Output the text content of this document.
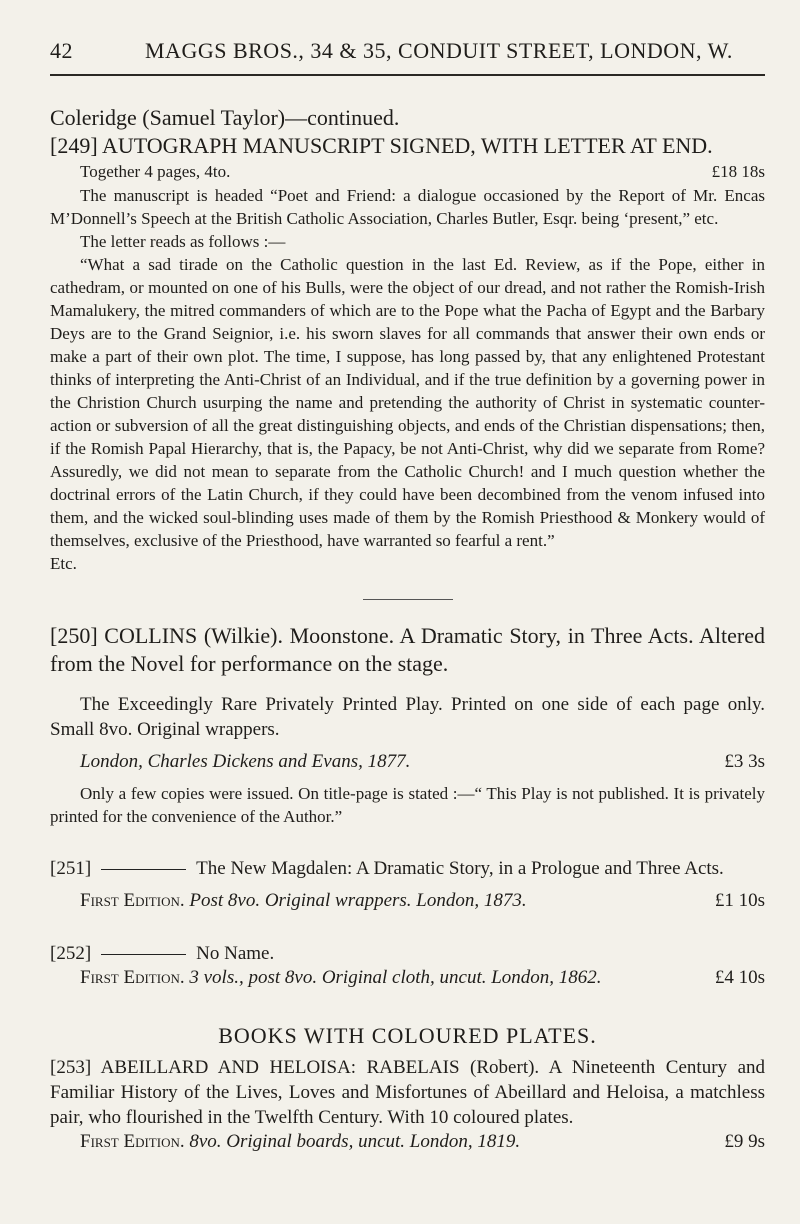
42	MAGGS BROS., 34 & 35, CONDUIT STREET, LONDON, W.

Coleridge (Samuel Taylor)—continued.

[249] AUTOGRAPH MANUSCRIPT SIGNED, WITH LETTER AT END.

Together 4 pages, 4to.	£18 18s

The manuscript is headed “Poet and Friend: a dialogue occasioned by the Report of Mr. Encas M’Donnell’s Speech at the British Catholic Association, Charles Butler, Esqr. being ‘present,” etc.

The letter reads as follows :—

“What a sad tirade on the Catholic question in the last Ed. Review, as if the Pope, either in cathedram, or mounted on one of his Bulls, were the object of our dread, and not rather the Romish-Irish Mamalukery, the mitred commanders of which are to the Pope what the Pacha of Egypt and the Barbary Deys are to the Grand Seignior, i.e. his sworn slaves for all commands that answer their own ends or make a part of their own plot. The time, I suppose, has long passed by, that any enlightened Protestant thinks of interpreting the Anti-Christ of an Individual, and if the true definition by a governing power in the Christion Church usurping the name and pretending the authority of Christ in systematic counter-action or subversion of all the great distinguishing objects, and ends of the Christian dispensations; then, if the Romish Papal Hierarchy, that is, the Papacy, be not Anti-Christ, why did we separate from Rome? Assuredly, we did not mean to separate from the Catholic Church! and I much question whether the doctrinal errors of the Latin Church, if they could have been decombined from the venom infused into them, and the wicked soul-blinding uses made of them by the Romish Priesthood & Monkery would of themselves, exclusive of the Priesthood, have warranted so fearful a rent.”

Etc.

[250] COLLINS (Wilkie). Moonstone. A Dramatic Story, in Three Acts. Altered from the Novel for performance on the stage.

The Exceedingly Rare Privately Printed Play. Printed on one side of each page only. Small 8vo. Original wrappers.

London, Charles Dickens and Evans, 1877.	£3 3s

Only a few copies were issued. On title-page is stated :—“ This Play is not published. It is privately printed for the convenience of the Author.”

[251]	The New Magdalen: A Dramatic Story, in a Prologue and Three Acts.

First Edition. Post 8vo. Original wrappers. London, 1873.	£1 10s

[252]	No Name.

First Edition. 3 vols., post 8vo. Original cloth, uncut. London, 1862.	£4 10s

BOOKS WITH COLOURED PLATES.

[253] ABEILLARD AND HELOISA: RABELAIS (Robert). A Nineteenth Century and Familiar History of the Lives, Loves and Misfortunes of Abeillard and Heloisa, a matchless pair, who flourished in the Twelfth Century. With 10 coloured plates.

First Edition. 8vo. Original boards, uncut. London, 1819.	£9 9s
